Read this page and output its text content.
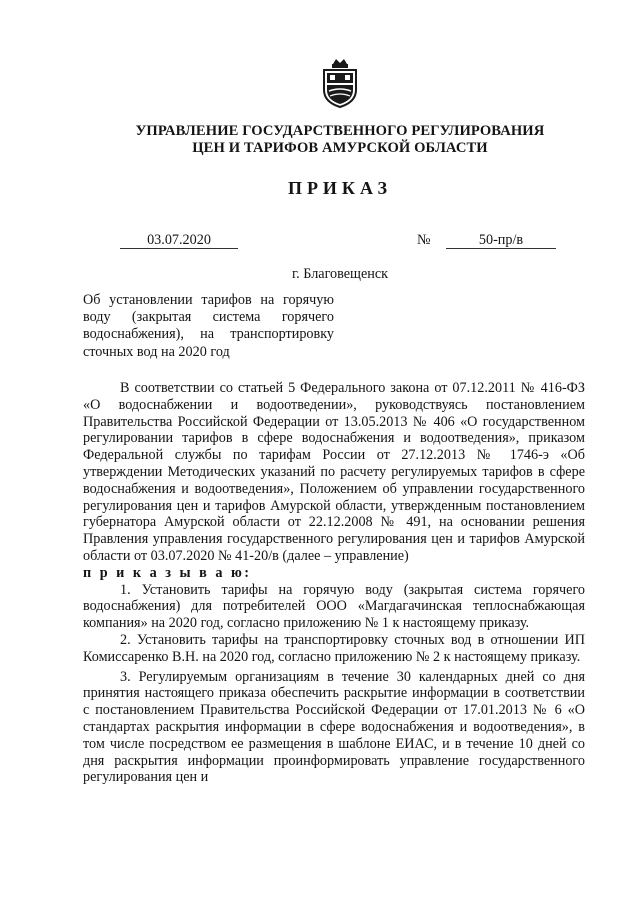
УПРАВЛЕНИЕ ГОСУДАРСТВЕННОГО РЕГУЛИРОВАНИЯ
ЦЕН И ТАРИФОВ АМУРСКОЙ ОБЛАСТИ
ПРИКАЗ
03.07.2020	№	50-пр/в
г. Благовещенск
Об установлении тарифов на горячую воду (закрытая система горячего водоснабжения), на транспортировку сточных вод на 2020 год

В соответствии со статьей 5 Федерального закона от 07.12.2011 № 416-ФЗ «О водоснабжении и водоотведении», руководствуясь постановлением Правительства Российской Федерации от 13.05.2013 № 406 «О государственном регулировании тарифов в сфере водоснабжения и водоотведения», приказом Федеральной службы по тарифам России от 27.12.2013 № 1746-э «Об утверждении Методических указаний по расчету регулируемых тарифов в сфере водоснабжения и водоотведения», Положением об управлении государственного регулирования цен и тарифов Амурской области, утвержденным постановлением губернатора Амурской области от 22.12.2008 № 491, на основании решения Правления управления государственного регулирования цен и тарифов Амурской области от 03.07.2020 № 41-20/в (далее – управление)

п р и к а з ы в а ю:

1. Установить тарифы на горячую воду (закрытая система горячего водоснабжения) для потребителей ООО «Магдагачинская теплоснабжающая компания» на 2020 год, согласно приложению № 1 к настоящему приказу.

2. Установить тарифы на транспортировку сточных вод в отношении ИП Комиссаренко В.Н. на 2020 год, согласно приложению № 2 к настоящему приказу.

3. Регулируемым организациям в течение 30 календарных дней со дня принятия настоящего приказа обеспечить раскрытие информации в соответствии с постановлением Правительства Российской Федерации от 17.01.2013 № 6 «О стандартах раскрытия информации в сфере водоснабжения и водоотведения», в том числе посредством ее размещения в шаблоне ЕИАС, и в течение 10 дней со дня раскрытия информации проинформировать управление государственного регулирования цен и
